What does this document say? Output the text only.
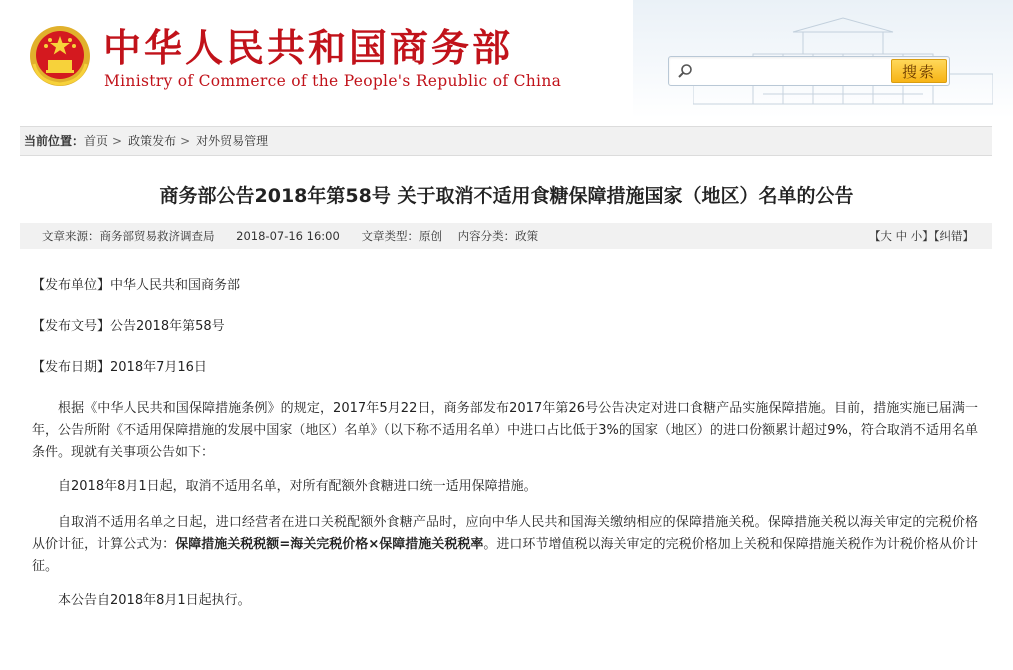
中华人民共和国商务部
Ministry of Commerce of the People's Republic of China
搜索
当前位置：首页 > 政策发布 > 对外贸易管理
商务部公告2018年第58号 关于取消不适用食糖保障措施国家（地区）名单的公告
文章来源：商务部贸易救济调查局 2018-07-16 16:00 文章类型：原创 内容分类：政策	【大 中 小】【纠错】
【发布单位】中华人民共和国商务部
【发布文号】公告2018年第58号
【发布日期】2018年7月16日

根据《中华人民共和国保障措施条例》的规定，2017年5月22日，商务部发布2017年第26号公告决定对进口食糖产品实施保障措施。目前，措施实施已届满一年，公告所附《不适用保障措施的发展中国家（地区）名单》（以下称不适用名单）中进口占比低于3%的国家（地区）的进口份额累计超过9%，符合取消不适用名单条件。现就有关事项公告如下：

自2018年8月1日起，取消不适用名单，对所有配额外食糖进口统一适用保障措施。

自取消不适用名单之日起，进口经营者在进口关税配额外食糖产品时，应向中华人民共和国海关缴纳相应的保障措施关税。保障措施关税以海关审定的完税价格从价计征，计算公式为：保障措施关税税额=海关完税价格×保障措施关税税率。进口环节增值税以海关审定的完税价格加上关税和保障措施关税作为计税价格从价计征。

本公告自2018年8月1日起执行。
